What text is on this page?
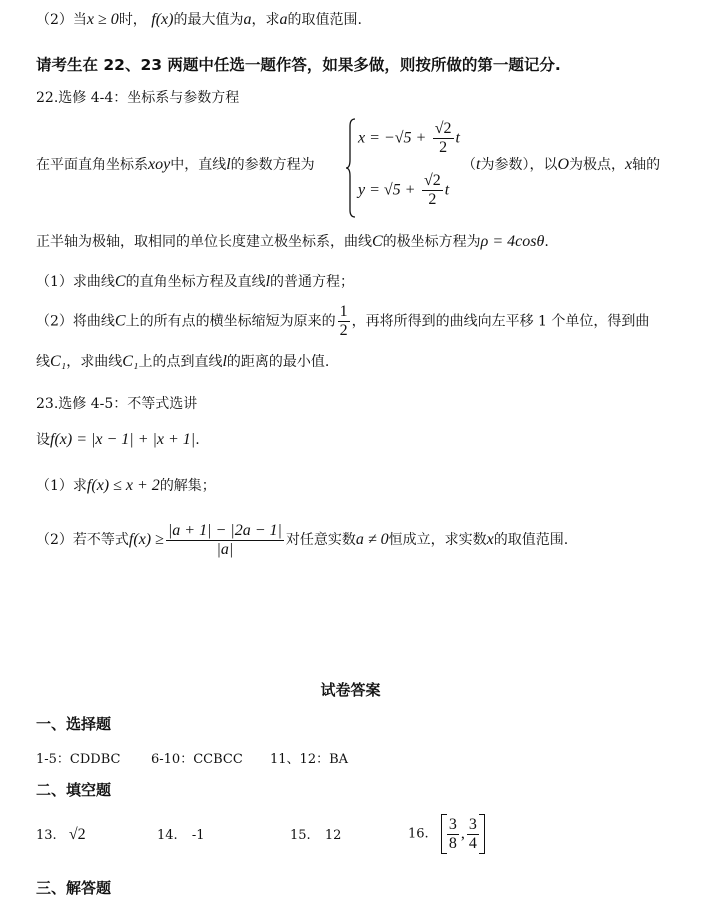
（2）当x ≥ 0时， f(x)的最大值为a，求a的取值范围.
请考生在 22、23 两题中任选一题作答，如果多做，则按所做的第一题记分.
22.选修 4-4：坐标系与参数方程
在平面直角坐标系xoy中，直线l的参数方程为
$x = -√5 + \frac{√2}{2}$ t
$y = √5 + \frac{√2}{2}$ t
（t为参数），以O为极点，x轴的
正半轴为极轴，取相同的单位长度建立极坐标系，曲线C的极坐标方程为ρ = 4cosθ.
（1）求曲线C的直角坐标方程及直线l的普通方程；
（2）将曲线C上的所有点的横坐标缩短为原来的 $\frac{1}{2}$ ，再将所得到的曲线向左平移 1 个单位，得到曲
线C₁，求曲线C₁上的点到直线l的距离的最小值.
23.选修 4-5：不等式选讲
设f(x) = |x − 1| + |x + 1|.
（1）求f(x) ≤ x + 2的解集；
（2）若不等式$f(x) \ge \frac{|a + 1| - |2a - 1|}{|a|}$ 对任意实数a ≠ 0恒成立，求实数x的取值范围.
试卷答案
一、选择题
1-5：CDDBC 6-10：CCBCC 11、12：BA
二、填空题
13. √2	14. -1	15. 12	16. $\frac{3}{8}$ , $\frac{3}{4}$
三、解答题
